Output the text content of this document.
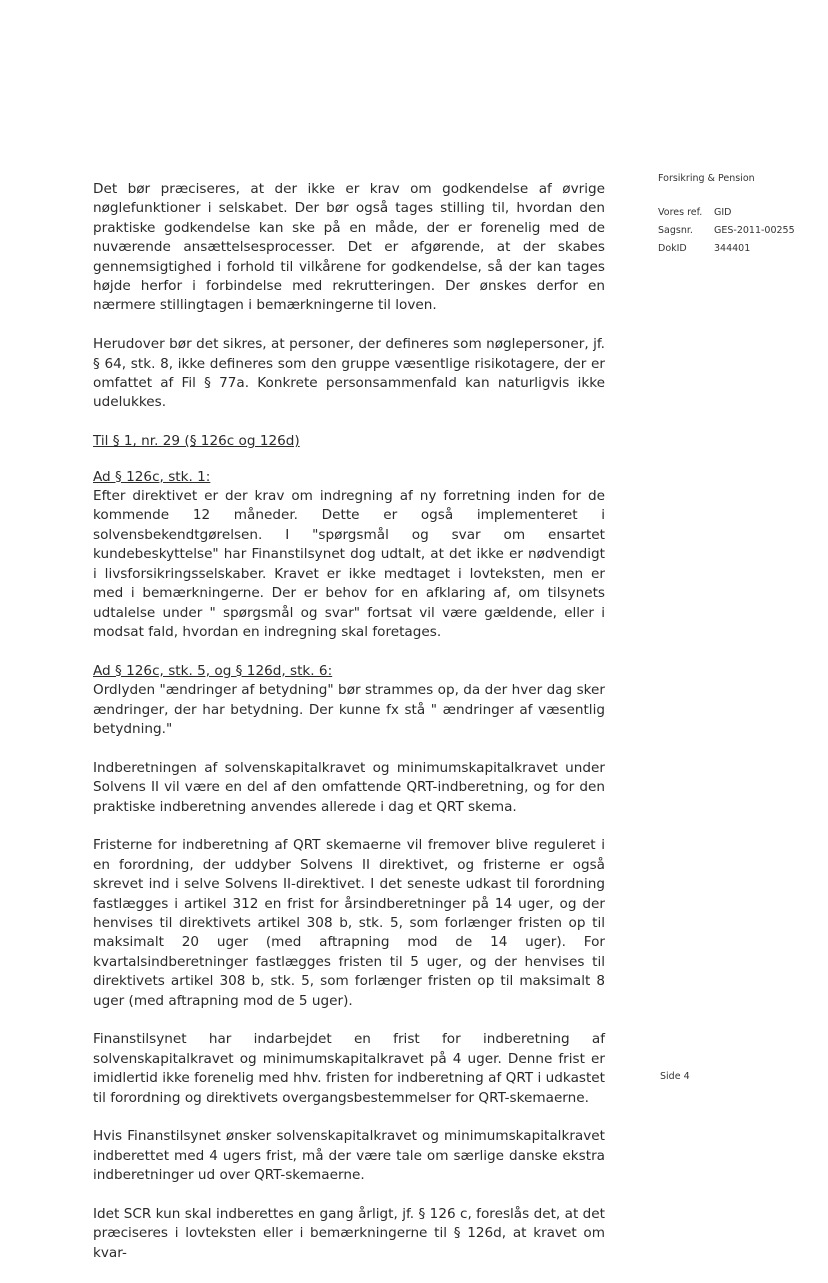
Forsikring & Pension
Vores ref.	GID
Sagsnr.	GES-2011-00255
DokID	344401

Det bør præciseres, at der ikke er krav om godkendelse af øvrige nøglefunktioner i selskabet. Der bør også tages stilling til, hvordan den praktiske godkendelse kan ske på en måde, der er forenelig med de nuværende ansættelsesprocesser. Det er afgørende, at der skabes gennemsigtighed i forhold til vilkårene for godkendelse, så der kan tages højde herfor i forbindelse med rekrutteringen. Der ønskes derfor en nærmere stillingtagen i bemærkningerne til loven.

Herudover bør det sikres, at personer, der defineres som nøglepersoner, jf. § 64, stk. 8, ikke defineres som den gruppe væsentlige risikotagere, der er omfattet af Fil § 77a. Konkrete personsammenfald kan naturligvis ikke udelukkes.

Til § 1, nr. 29 (§ 126c og 126d)

Ad § 126c, stk. 1:

Efter direktivet er der krav om indregning af ny forretning inden for de kommende 12 måneder. Dette er også implementeret i solvensbekendtgørelsen. I "spørgsmål og svar om ensartet kundebeskyttelse" har Finanstilsynet dog udtalt, at det ikke er nødvendigt i livsforsikringsselskaber. Kravet er ikke medtaget i lovteksten, men er med i bemærkningerne. Der er behov for en afklaring af, om tilsynets udtalelse under " spørgsmål og svar" fortsat vil være gældende, eller i modsat fald, hvordan en indregning skal foretages.

Ad § 126c, stk. 5, og § 126d, stk. 6:

Ordlyden "ændringer af betydning" bør strammes op, da der hver dag sker ændringer, der har betydning. Der kunne fx stå " ændringer af væsentlig betydning."

Indberetningen af solvenskapitalkravet og minimumskapitalkravet under Solvens II vil være en del af den omfattende QRT-indberetning, og for den praktiske indberetning anvendes allerede i dag et QRT skema.

Fristerne for indberetning af QRT skemaerne vil fremover blive reguleret i en forordning, der uddyber Solvens II direktivet, og fristerne er også skrevet ind i selve Solvens II-direktivet. I det seneste udkast til forordning fastlægges i artikel 312 en frist for årsindberetninger på 14 uger, og der henvises til direktivets artikel 308 b, stk. 5, som forlænger fristen op til maksimalt 20 uger (med aftrapning mod de 14 uger). For kvartalsindberetninger fastlægges fristen til 5 uger, og der henvises til direktivets artikel 308 b, stk. 5, som forlænger fristen op til maksimalt 8 uger (med aftrapning mod de 5 uger).

Finanstilsynet har indarbejdet en frist for indberetning af solvenskapitalkravet og minimumskapitalkravet på 4 uger. Denne frist er imidlertid ikke forenelig med hhv. fristen for indberetning af QRT i udkastet til forordning og direktivets overgangsbestemmelser for QRT-skemaerne.

Hvis Finanstilsynet ønsker solvenskapitalkravet og minimumskapitalkravet indberettet med 4 ugers frist, må der være tale om særlige danske ekstra indberetninger ud over QRT-skemaerne.

Idet SCR kun skal indberettes en gang årligt, jf. § 126 c, foreslås det, at det præciseres i lovteksten eller i bemærkningerne til § 126d, at kravet om kvar-

Side 4
